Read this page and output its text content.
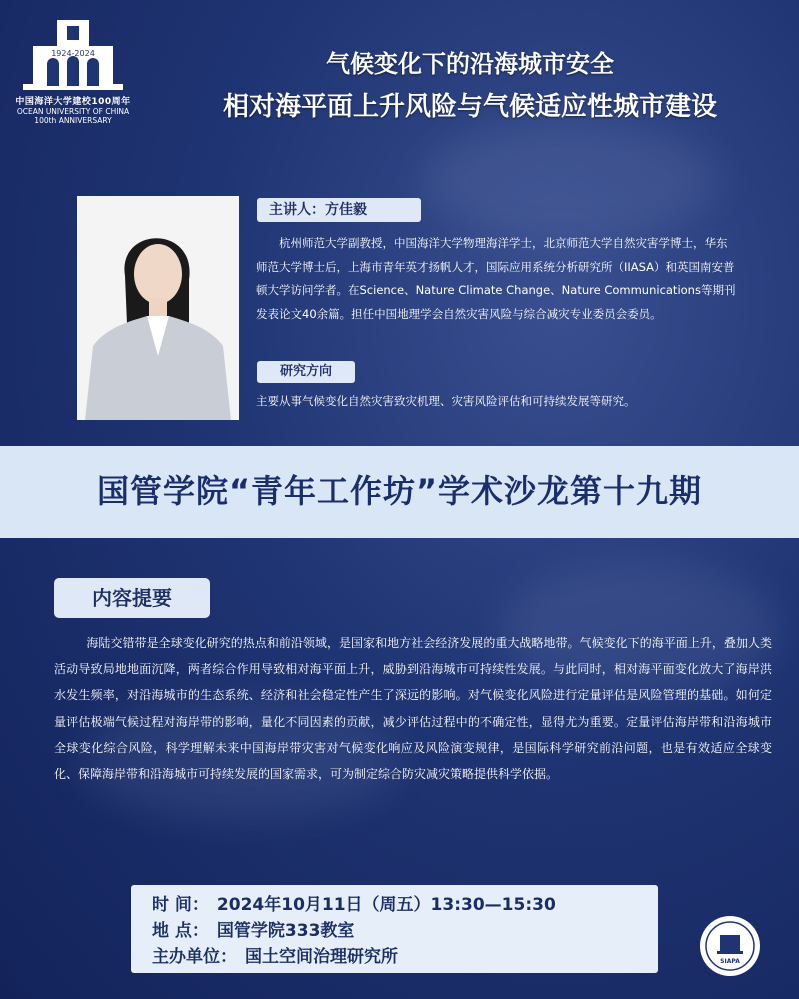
1924-2024
中国海洋大学建校100周年
OCEAN UNIVERSITY OF CHINA
100th ANNIVERSARY
气候变化下的沿海城市安全
相对海平面上升风险与气候适应性城市建设
主讲人：方佳毅
杭州师范大学副教授，中国海洋大学物理海洋学士，北京师范大学自然灾害学博士，华东师范大学博士后，上海市青年英才扬帆人才，国际应用系统分析研究所（IIASA）和英国南安普顿大学访问学者。在Science、Nature Climate Change、Nature Communications等期刊发表论文40余篇。担任中国地理学会自然灾害风险与综合减灾专业委员会委员。
研究方向
主要从事气候变化自然灾害致灾机理、灾害风险评估和可持续发展等研究。
国管学院“青年工作坊”学术沙龙第十九期
内容提要
海陆交错带是全球变化研究的热点和前沿领域，是国家和地方社会经济发展的重大战略地带。气候变化下的海平面上升，叠加人类活动导致局地地面沉降，两者综合作用导致相对海平面上升，威胁到沿海城市可持续性发展。与此同时，相对海平面变化放大了海岸洪水发生频率，对沿海城市的生态系统、经济和社会稳定性产生了深远的影响。对气候变化风险进行定量评估是风险管理的基础。如何定量评估极端气候过程对海岸带的影响，量化不同因素的贡献，减少评估过程中的不确定性，显得尤为重要。定量评估海岸带和沿海城市全球变化综合风险，科学理解未来中国海岸带灾害对气候变化响应及风险演变规律，是国际科学研究前沿问题，也是有效适应全球变化、保障海岸带和沿海城市可持续发展的国家需求，可为制定综合防灾减灾策略提供科学依据。
时 间： 2024年10月11日（周五）13:30—15:30
地 点： 国管学院333教室
主办单位： 国土空间治理研究所	SIAPA
